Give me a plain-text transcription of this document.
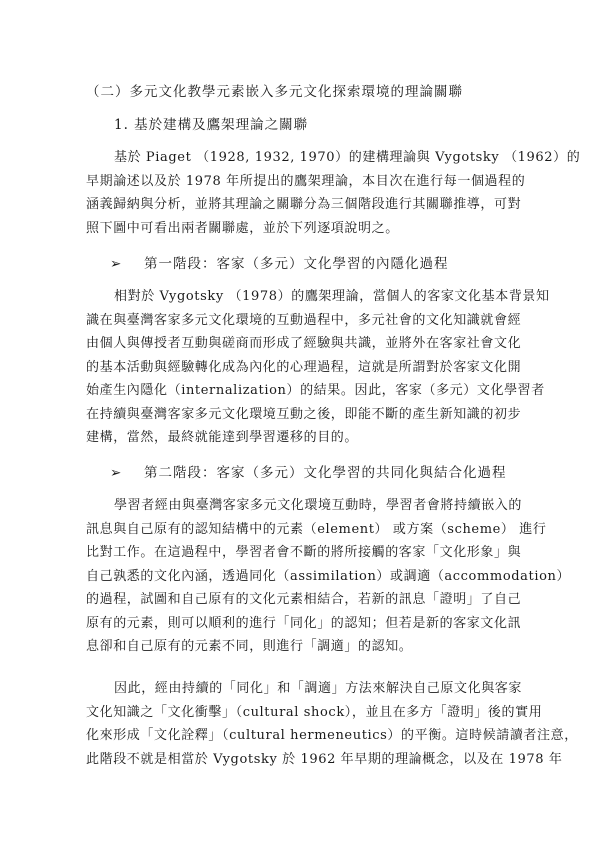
（二）多元文化教學元素嵌入多元文化探索環境的理論關聯
1. 基於建構及鷹架理論之關聯
基於 Piaget （1928, 1932, 1970）的建構理論與 Vygotsky （1962）的
早期論述以及於 1978 年所提出的鷹架理論，本目次在進行每一個過程的
涵義歸納與分析，並將其理論之關聯分為三個階段進行其關聯推導，可對
照下圖中可看出兩者關聯處，並於下列逐項說明之。
➢ 第一階段：客家（多元）文化學習的內隱化過程
相對於 Vygotsky （1978）的鷹架理論，當個人的客家文化基本背景知
識在與臺灣客家多元文化環境的互動過程中，多元社會的文化知識就會經
由個人與傳授者互動與磋商而形成了經驗與共識，並將外在客家社會文化
的基本活動與經驗轉化成為內化的心理過程，這就是所謂對於客家文化開
始產生內隱化（internalization）的結果。因此，客家（多元）文化學習者
在持續與臺灣客家多元文化環境互動之後，即能不斷的產生新知識的初步
建構，當然，最終就能達到學習遷移的目的。
➢ 第二階段：客家（多元）文化學習的共同化與結合化過程
學習者經由與臺灣客家多元文化環境互動時，學習者會將持續嵌入的
訊息與自己原有的認知結構中的元素（element） 或方案（scheme） 進行
比對工作。在這過程中，學習者會不斷的將所接觸的客家「文化形象」與
自己孰悉的文化內涵，透過同化（assimilation）或調適（accommodation）
的過程，試圖和自己原有的文化元素相結合，若新的訊息「證明」了自己
原有的元素，則可以順利的進行「同化」的認知；但若是新的客家文化訊
息卻和自己原有的元素不同，則進行「調適」的認知。
因此，經由持續的「同化」和「調適」方法來解決自己原文化與客家
文化知識之「文化衝擊」（cultural shock），並且在多方「證明」後的實用
化來形成「文化詮釋」（cultural hermeneutics）的平衡。這時候請讀者注意，
此階段不就是相當於 Vygotsky 於 1962 年早期的理論概念，以及在 1978 年
